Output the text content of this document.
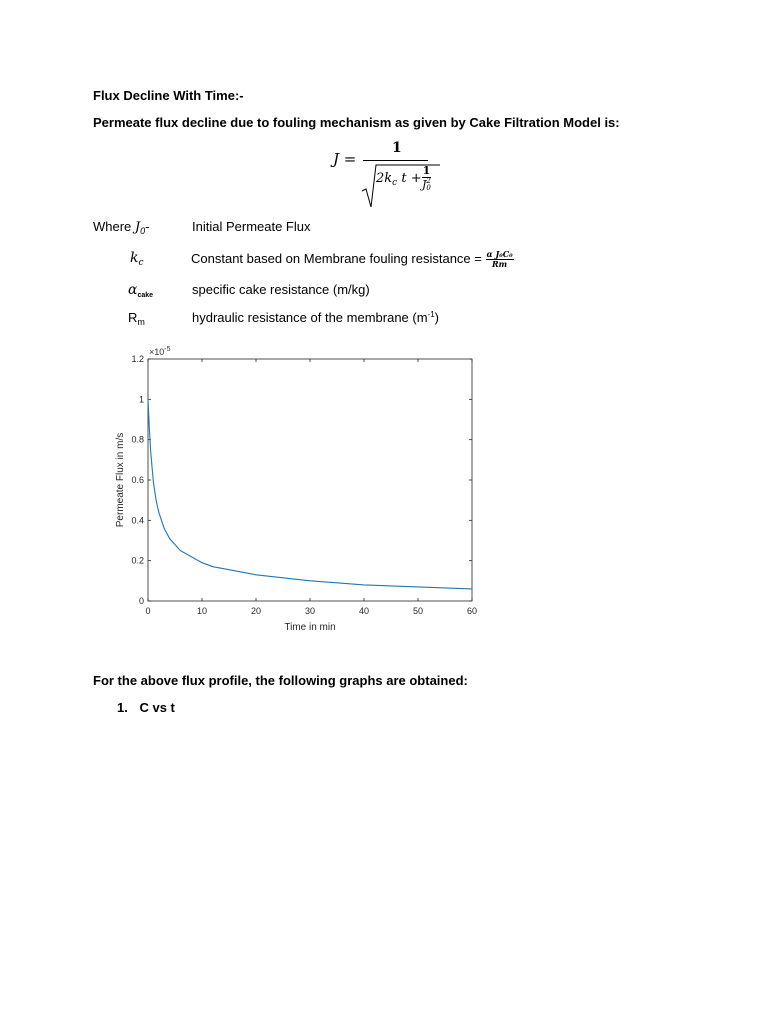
Flux Decline With Time:-
Permeate flux decline due to fouling mechanism as given by Cake Filtration Model is:
J =
1
$2k_c$ t +
1
J 2
0
Where $J_0-$	Initial Permeate Flux
$k_c$	Constant based on Membrane fouling resistance = $\frac{\text{α J₀C₀}}{Rm}$
$\alpha_{cake}$	specific cake resistance (m/kg)
$R_m$	hydraulic resistance of the membrane $(m^{-1})$
0	10	20	30	40	50	60
0
0.2
0.4
0.6
0.8
1
1.2
$\times 10^{-5}$
Time in min
Permeate Flux in m/s
For the above flux profile, the following graphs are obtained:
1. C vs t
